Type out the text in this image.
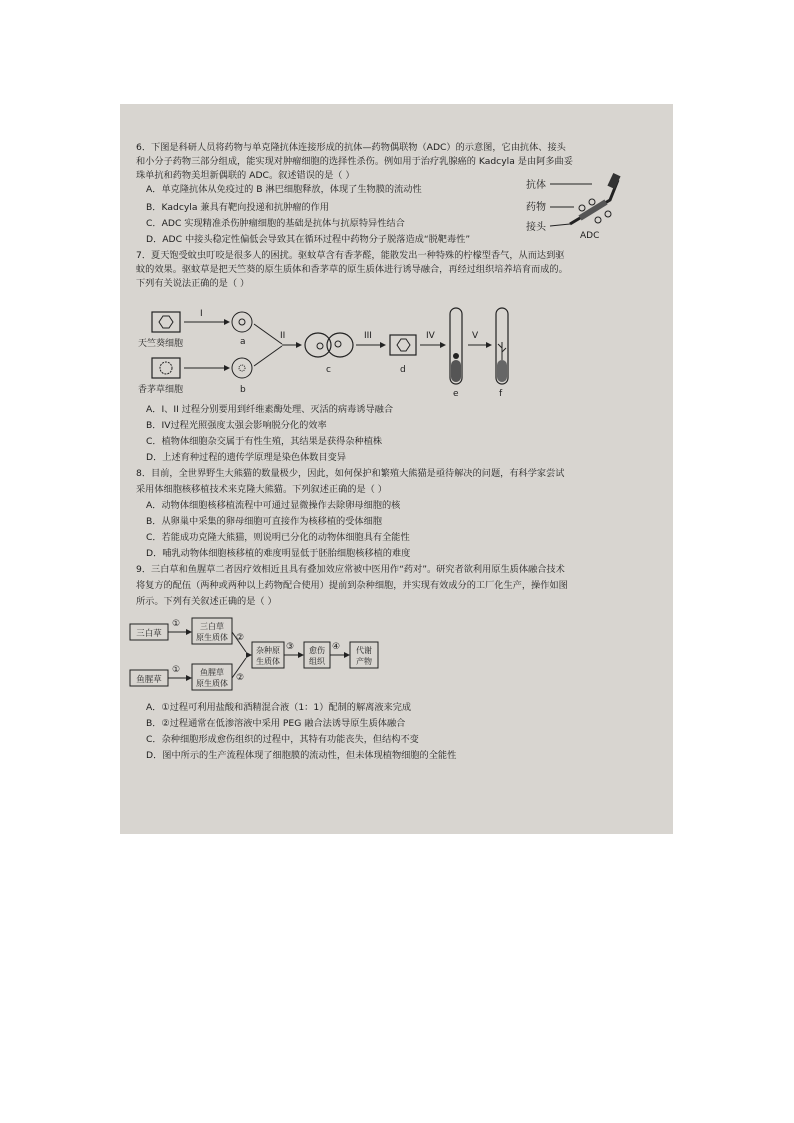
6．下图是科研人员将药物与单克隆抗体连接形成的抗体—药物偶联物（ADC）的示意图，它由抗体、接头
和小分子药物三部分组成，能实现对肿瘤细胞的选择性杀伤。例如用于治疗乳腺癌的 Kadcyla 是由阿多曲妥
珠单抗和药物美坦新偶联的 ADC。叙述错误的是（ ）
A．单克隆抗体从免疫过的 B 淋巴细胞释放，体现了生物膜的流动性
B．Kadcyla 兼具有靶向投递和抗肿瘤的作用
C．ADC 实现精准杀伤肿瘤细胞的基础是抗体与抗原特异性结合
D．ADC 中接头稳定性偏低会导致其在循环过程中药物分子脱落造成“脱靶毒性”
抗体
药物
接头
ADC
7．夏天饱受蚊虫叮咬是很多人的困扰。驱蚊草含有香茅醛，能散发出一种特殊的柠檬型香气，从而达到驱
蚊的效果。驱蚊草是把天竺葵的原生质体和香茅草的原生质体进行诱导融合，再经过组织培养培育而成的。
下列有关说法正确的是（ ）
天竺葵细胞
香茅草细胞
I
a
b
II
c
III
d
IV
e
V
f
A．I、II 过程分别要用到纤维素酶处理、灭活的病毒诱导融合
B．IV过程光照强度太强会影响脱分化的效率
C．植物体细胞杂交属于有性生殖，其结果是获得杂种植株
D．上述育种过程的遗传学原理是染色体数目变异
8．目前，全世界野生大熊猫的数量极少，因此，如何保护和繁殖大熊猫是亟待解决的问题，有科学家尝试
采用体细胞核移植技术来克隆大熊猫。下列叙述正确的是（ ）
A．动物体细胞核移植流程中可通过显微操作去除卵母细胞的核
B．从卵巢中采集的卵母细胞可直接作为核移植的受体细胞
C．若能成功克隆大熊猫，则说明已分化的动物体细胞具有全能性
D．哺乳动物体细胞核移植的难度明显低于胚胎细胞核移植的难度
9．三白草和鱼腥草二者因疗效相近且具有叠加效应常被中医用作“药对”。研究者欲利用原生质体融合技术
将复方的配伍（两种或两种以上药物配合使用）提前到杂种细胞，并实现有效成分的工厂化生产，操作如图
所示。下列有关叙述正确的是（ ）
三白草
① 三白草
原生质体
鱼腥草
① 鱼腥草
原生质体
②
②
杂种原
生质体
③ 愈伤
组织
④ 代谢
产物
A．①过程可利用盐酸和酒精混合液（1：1）配制的解离液来完成
B．②过程通常在低渗溶液中采用 PEG 融合法诱导原生质体融合
C．杂种细胞形成愈伤组织的过程中，其特有功能丧失，但结构不变
D．图中所示的生产流程体现了细胞膜的流动性，但未体现植物细胞的全能性
